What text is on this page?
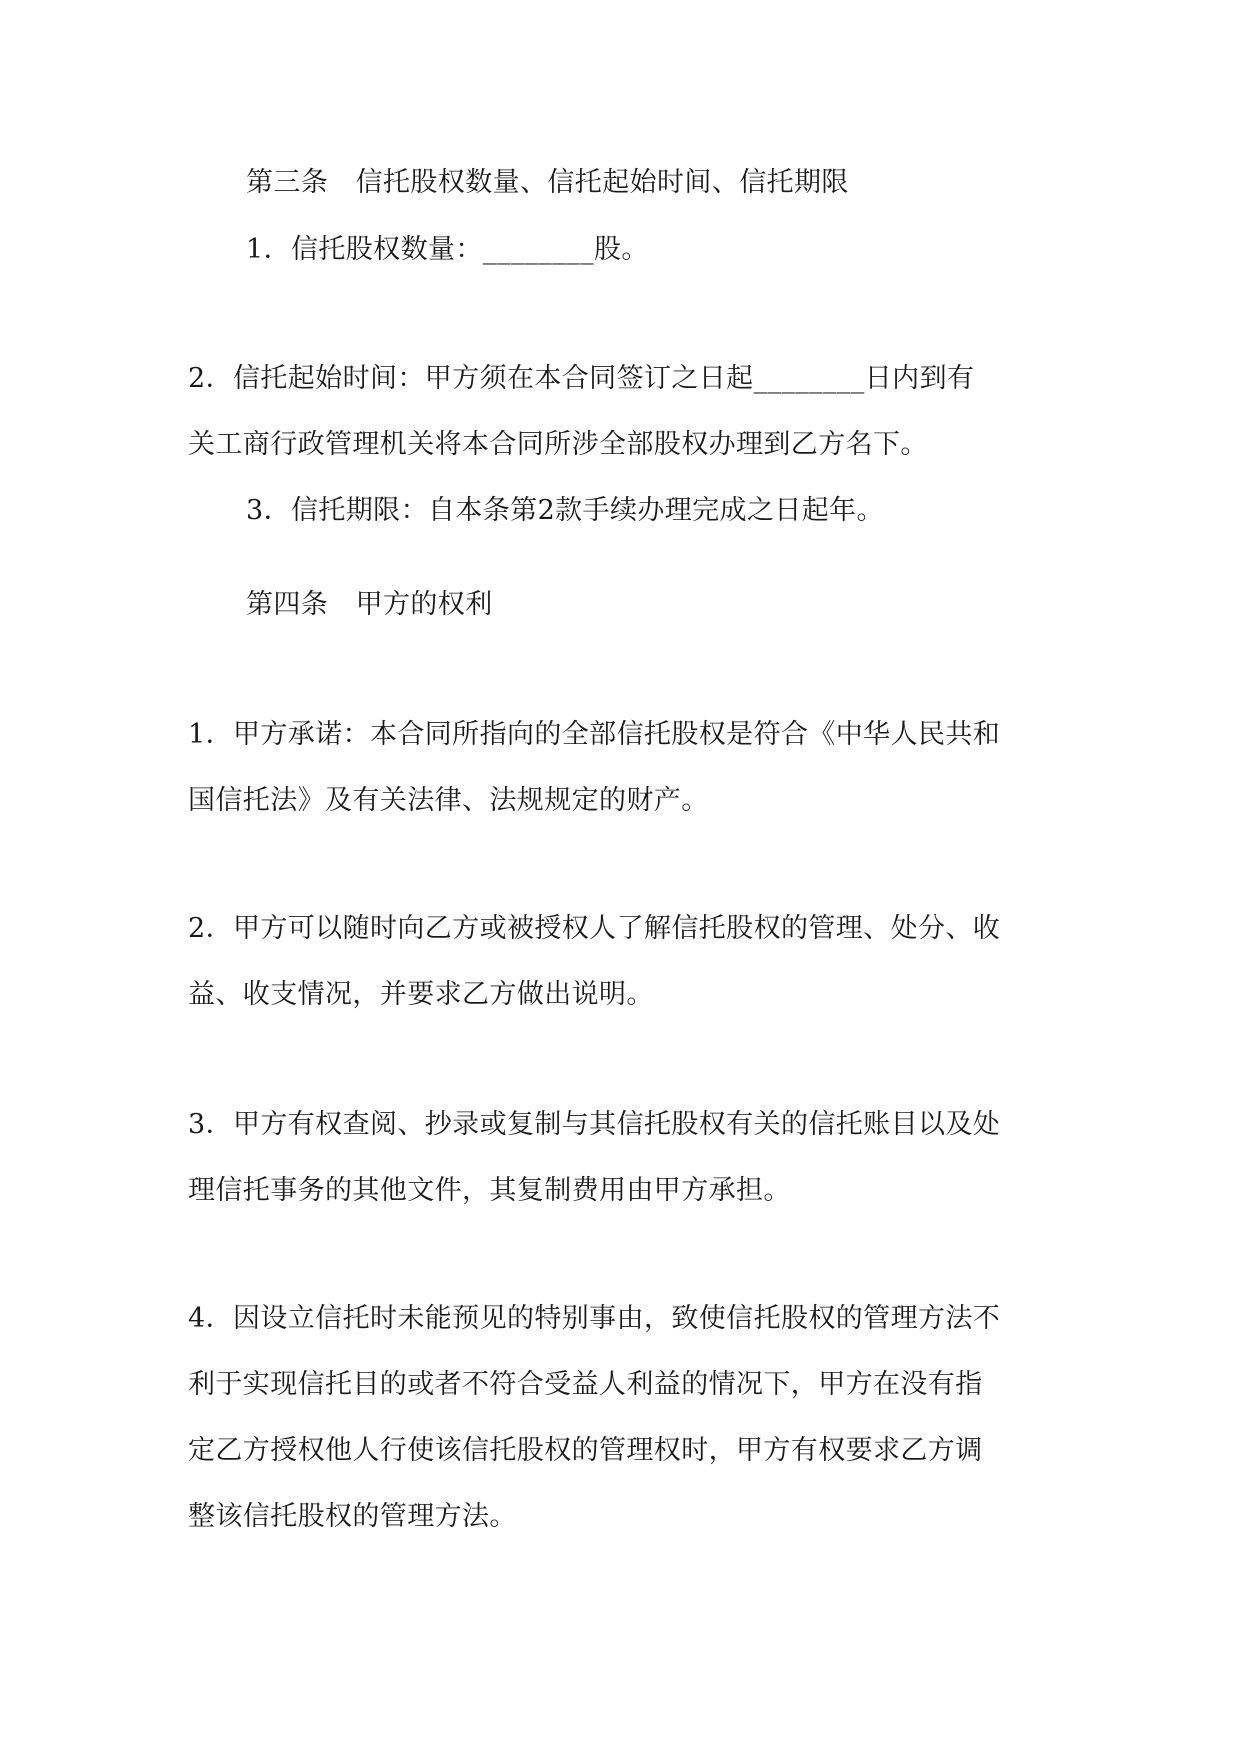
第三条　信托股权数量、信托起始时间、信托期限
1．信托股权数量：________股。
2．信托起始时间：甲方须在本合同签订之日起________日内到有
关工商行政管理机关将本合同所涉全部股权办理到乙方名下。
3．信托期限：自本条第2款手续办理完成之日起年。
第四条　甲方的权利
1．甲方承诺：本合同所指向的全部信托股权是符合《中华人民共和
国信托法》及有关法律、法规规定的财产。
2．甲方可以随时向乙方或被授权人了解信托股权的管理、处分、收
益、收支情况，并要求乙方做出说明。
3．甲方有权查阅、抄录或复制与其信托股权有关的信托账目以及处
理信托事务的其他文件，其复制费用由甲方承担。
4．因设立信托时未能预见的特别事由，致使信托股权的管理方法不
利于实现信托目的或者不符合受益人利益的情况下，甲方在没有指
定乙方授权他人行使该信托股权的管理权时，甲方有权要求乙方调
整该信托股权的管理方法。
